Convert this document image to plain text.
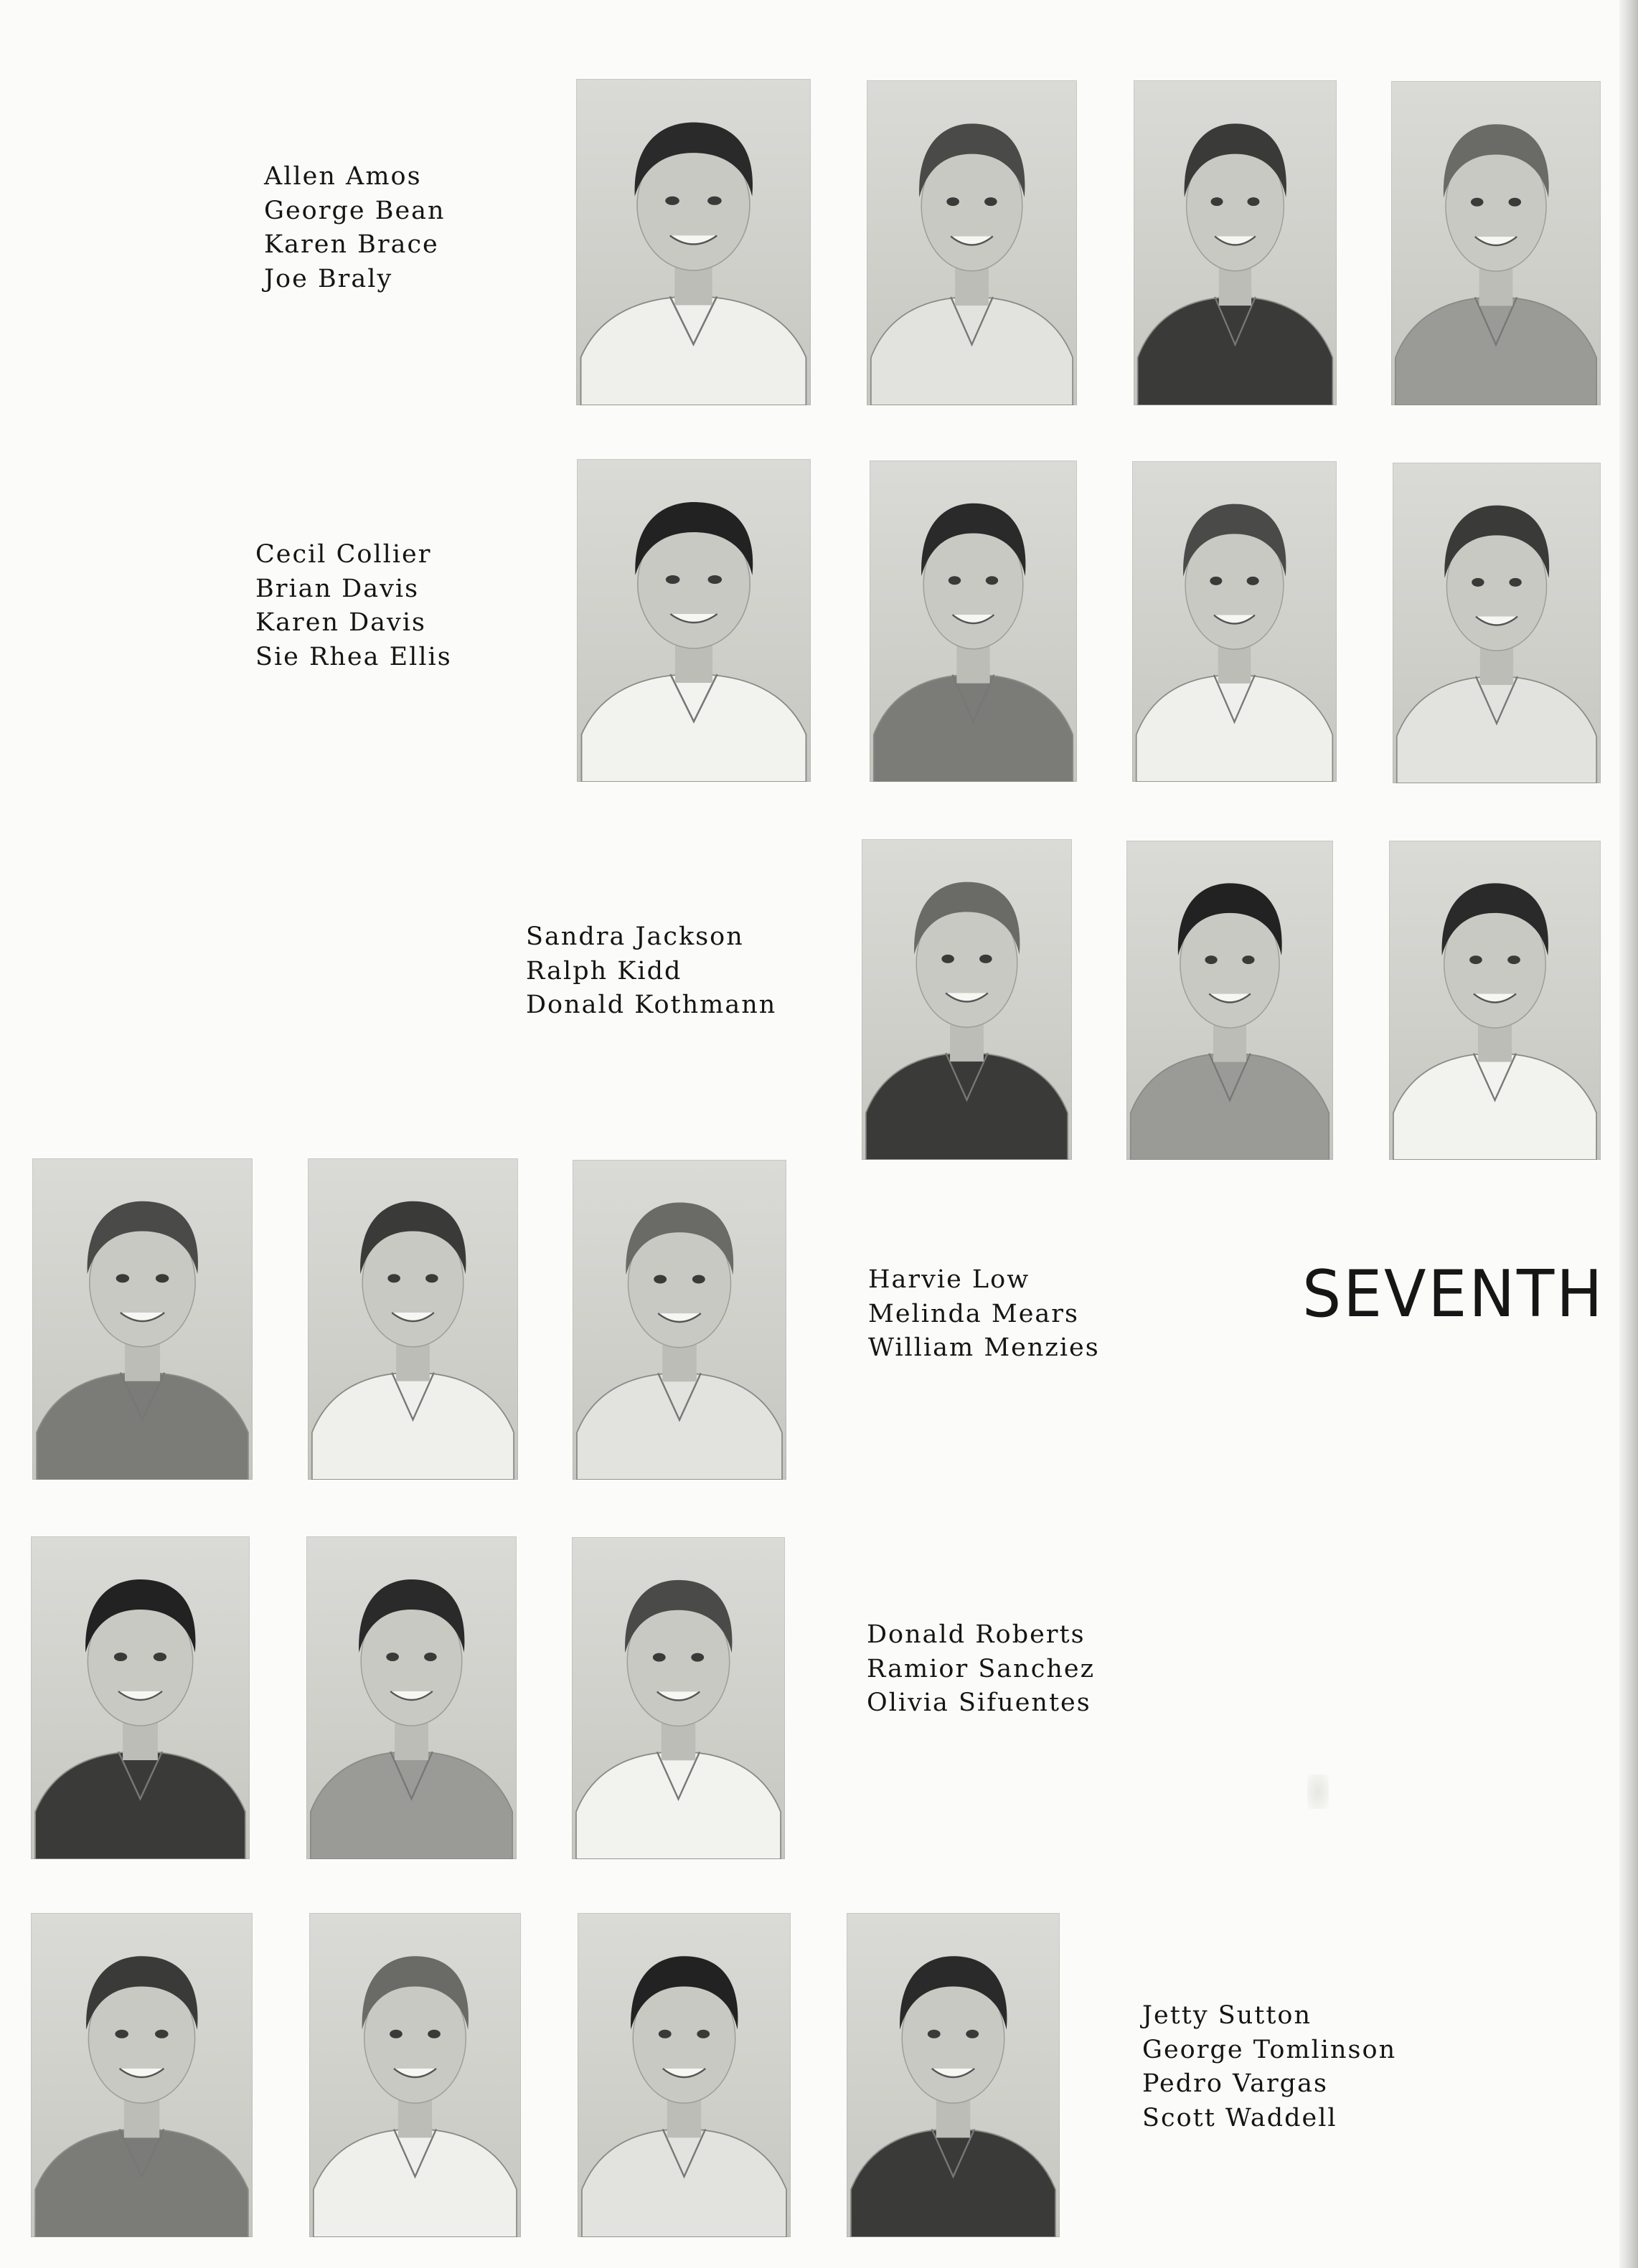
Allen Amos
George Bean
Karen Brace
Joe Braly
Cecil Collier
Brian Davis
Karen Davis
Sie Rhea Ellis
Sandra Jackson
Ralph Kidd
Donald Kothmann
Harvie Low
Melinda Mears
William Menzies
SEVENTH
Donald Roberts
Ramior Sanchez
Olivia Sifuentes
Jetty Sutton
George Tomlinson
Pedro Vargas
Scott Waddell
